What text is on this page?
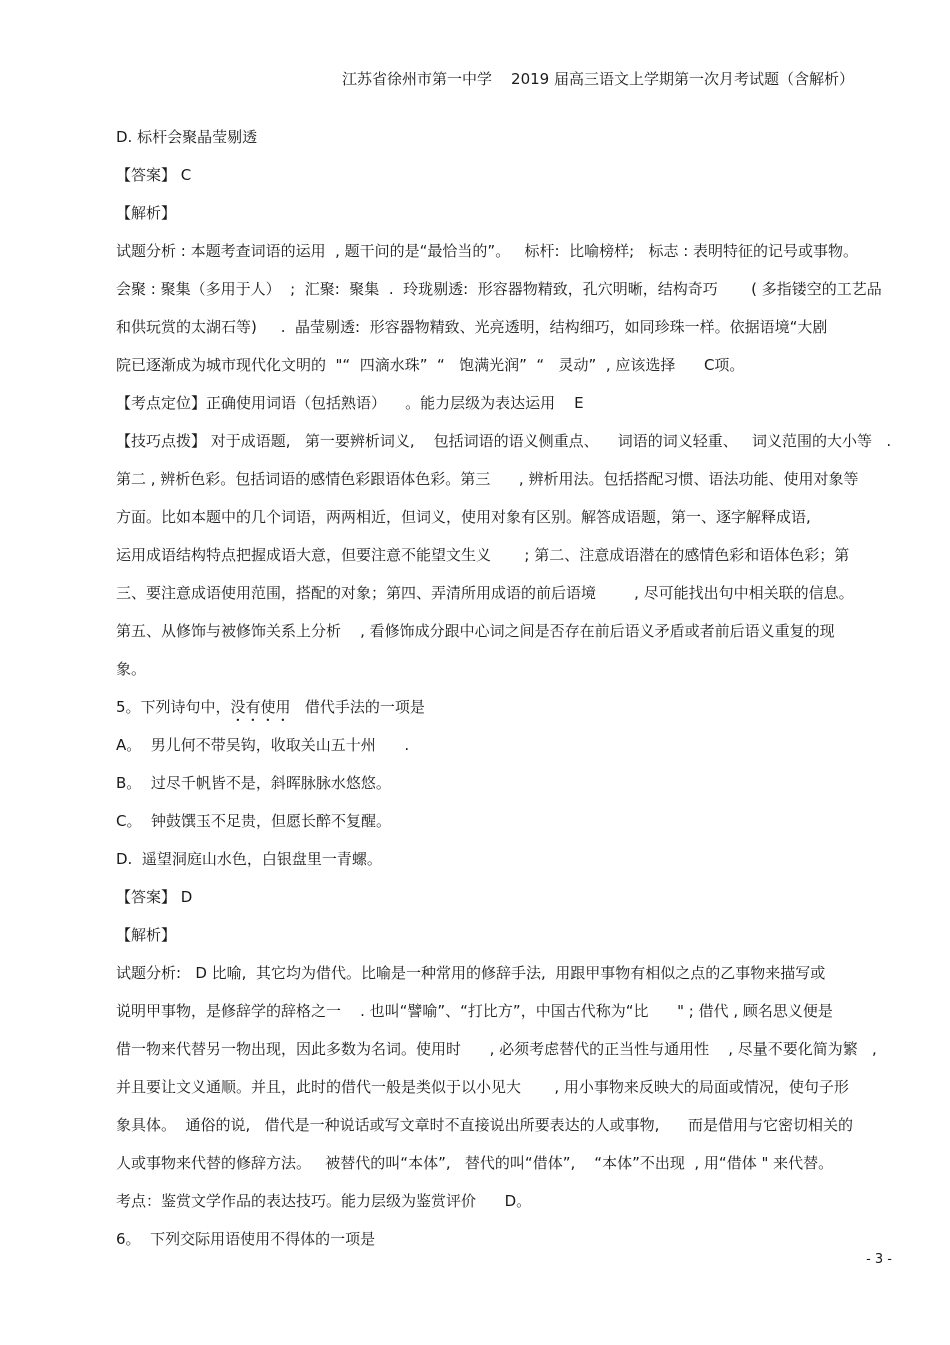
江苏省徐州市第一中学    2019 届高三语文上学期第一次月考试题（含解析）
D. 标杆会聚晶莹剔透
【答案】 C
【解析】
试题分析 : 本题考查词语的运用  , 题干问的是“最恰当的”。   标杆:  比喻榜样;   标志 : 表明特征的记号或事物。
会聚 : 聚集（多用于人）  ;  汇聚:  聚集  .  玲珑剔透:  形容器物精致，孔穴明晰，结构奇巧       ( 多指镂空的工艺品
和供玩赏的太湖石等)     .  晶莹剔透:  形容器物精致、光亮透明，结构细巧，如同珍珠一样。依据语境“大剧
院已逐渐成为城市现代化文明的  "“  四滴水珠”  “   饱满光润”  “   灵动”  , 应该选择      C项。
【考点定位】正确使用词语（包括熟语）    。能力层级为表达运用    E
【技巧点拨】 对于成语题,   第一要辨析词义,    包括词语的语义侧重点、    词语的词义轻重、   词义范围的大小等   .
第二 , 辨析色彩。包括词语的感情色彩跟语体色彩。第三      , 辨析用法。包括搭配习惯、语法功能、使用对象等
方面。比如本题中的几个词语，两两相近，但词义，使用对象有区别。解答成语题，第一、逐字解释成语,
运用成语结构特点把握成语大意，但要注意不能望文生义       ; 第二、注意成语潜在的感情色彩和语体色彩；第
三、要注意成语使用范围，搭配的对象；第四、弄清所用成语的前后语境        , 尽可能找出句中相关联的信息。
第五、从修饰与被修饰关系上分析    , 看修饰成分跟中心词之间是否存在前后语义矛盾或者前后语义重复的现
象。
5。下列诗句中，没有使用   借代手法的一项是
A。  男儿何不带吴钩，收取关山五十州      .
B。  过尽千帆皆不是，斜晖脉脉水悠悠。
C。  钟鼓馔玉不足贵，但愿长醉不复醒。
D.  遥望洞庭山水色，白银盘里一青螺。
【答案】 D
【解析】
试题分析:   D 比喻,  其它均为借代。比喻是一种常用的修辞手法,  用跟甲事物有相似之点的乙事物来描写或
说明甲事物，是修辞学的辞格之一    . 也叫“譬喻”、“打比方”，中国古代称为“比      " ; 借代 , 顾名思义便是
借一物来代替另一物出现，因此多数为名词。使用时      , 必须考虑替代的正当性与通用性    , 尽量不要化简为繁   ,
并且要让文义通顺。并且，此时的借代一般是类似于以小见大       , 用小事物来反映大的局面或情况，使句子形
象具体。  通俗的说,   借代是一种说话或写文章时不直接说出所要表达的人或事物,      而是借用与它密切相关的
人或事物来代替的修辞方法。   被替代的叫“本体”,   替代的叫“借体”,    “本体”不出现  , 用“借体 " 来代替。
考点：鉴赏文学作品的表达技巧。能力层级为鉴赏评价      D。
6。  下列交际用语使用不得体的一项是
- 3 -
